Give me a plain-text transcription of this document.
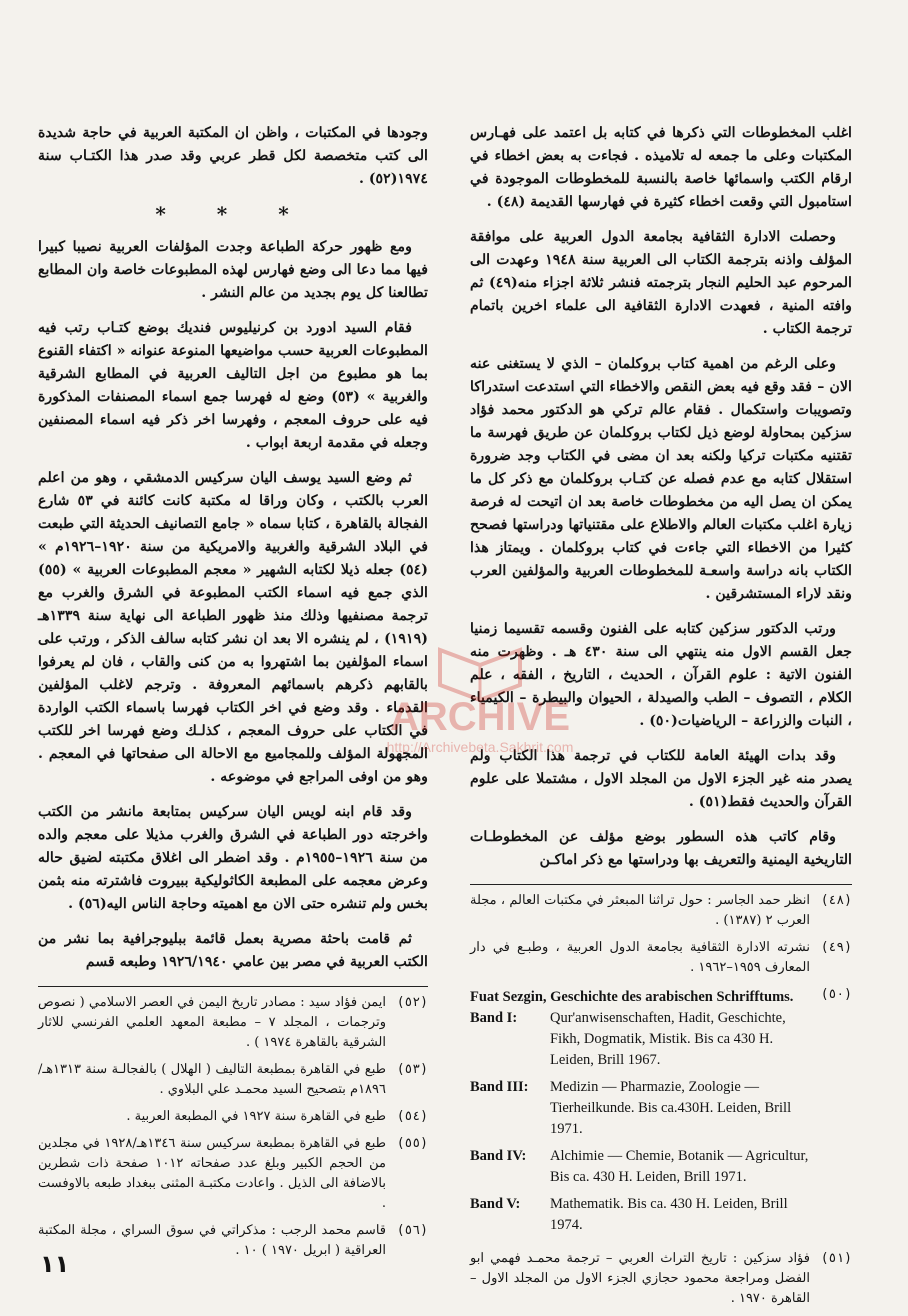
اغلب المخطوطات التي ذكرها في كتابه بل اعتمد على فهـارس المكتبات وعلى ما جمعه له تلاميذه . فجاءت به بعض اخطاء في ارقام الكتب واسمائها خاصة بالنسبة للمخطوطات الموجودة في استامبول التي وقعت اخطاء كثيرة في فهارسها القديمة (٤٨) .

وحصلت الادارة الثقافية بجامعة الدول العربية على موافقة المؤلف واذنه بترجمة الكتاب الى العربية سنة ١٩٤٨ وعهدت الى المرحوم عبد الحليم النجار بترجمته فنشر ثلاثة اجزاء منه(٤٩) ثم وافته المنية ، فعهدت الادارة الثقافية الى علماء اخرين باتمام ترجمة الكتاب .

وعلى الرغم من اهمية كتاب بروكلمان – الذي لا يستغنى عنه الان – فقد وقع فيه بعض النقص والاخطاء التي استدعت استدراكا وتصويبات واستكمال . فقام عالم تركي هو الدكتور محمد فؤاد سزكين بمحاولة لوضع ذيل لكتاب بروكلمان عن طريق فهرسة ما تقتنيه مكتبات تركيا ولكنه بعد ان مضى في الكتاب وجد ضرورة استقلال كتابه مع عدم فصله عن كتـاب بروكلمان مع ذكر كل ما يمكن ان يصل اليه من مخطوطات خاصة بعد ان اتيحت له فرصة زيارة اغلب مكتبات العالم والاطلاع على مقتنياتها ودراستها فصحح كثيرا من الاخطاء التي جاءت في كتاب بروكلمان . ويمتاز هذا الكتاب بانه دراسة واسعـة للمخطوطات العربية والمؤلفين العرب ونقد لاراء المستشرقين .

ورتب الدكتور سزكين كتابه على الفنون وقسمه تقسيما زمنيا جعل القسم الاول منه ينتهي الى سنة ٤٣٠ هـ . وظهرت منه الفنون الاتية : علوم القرآن ، الحديث ، التاريخ ، الفقه ، علم الكلام ، التصوف – الطب والصيدلة ، الحيوان والبيطرة – الكيمياء ، النبات والزراعة – الرياضيات(٥٠) .

وقد بدات الهيئة العامة للكتاب في ترجمة هذا الكتاب ولم يصدر منه غير الجزء الاول من المجلد الاول ، مشتملا على علوم القرآن والحديث فقط(٥١) .

وقام كاتب هذه السطور بوضع مؤلف عن المخطوطـات التاريخية اليمنية والتعريف بها ودراستها مع ذكر اماكـن

(٤٨)
انظر حمد الجاسر : حول تراثنا المبعثر في مكتبات العالم ، مجلة العرب ٢ (١٣٨٧) .
(٤٩)
نشرته الادارة الثقافية بجامعة الدول العربية ، وطبـع في دار المعارف ١٩٥٩–١٩٦٢ .
(٥٠)
Fuat Sezgin, Geschichte des arabischen Schrifftums.
Band I:	Qur'anwisenschaften, Hadit, Geschichte, Fikh, Dogmatik, Mistik. Bis ca 430 H. Leiden, Brill 1967.
Band III:	Medizin — Pharmazie, Zoologie — Tierheilkunde. Bis ca.430H. Leiden, Brill 1971.
Band IV:	Alchimie — Chemie, Botanik — Agricultur, Bis ca. 430 H. Leiden, Brill 1971.
Band V:	Mathematik. Bis ca. 430 H. Leiden, Brill 1974.
(٥١)
فؤاد سزكين : تاريخ التراث العربي – ترجمة محمـد فهمي ابو الفضل ومراجعة محمود حجازي الجزء الاول من المجلد الاول – القاهرة ١٩٧٠ .

وجودها في المكتبات ، واظن ان المكتبة العربية في حاجة شديدة الى كتب متخصصة لكل قطر عربي وقد صدر هذا الكتـاب سنة ١٩٧٤(٥٢) .

* * *

ومع ظهور حركة الطباعة وجدت المؤلفات العربية نصيبا كبيرا فيها مما دعا الى وضع فهارس لهذه المطبوعات خاصة وان المطابع تطالعنا كل يوم بجديد من عالم النشر .

فقام السيد ادورد بن كرنيليوس فنديك بوضع كتـاب رتب فيه المطبوعات العربية حسب مواضيعها المنوعة عنوانه « اكتفاء القنوع بما هو مطبوع من اجل التاليف العربية في المطابع الشرقية والغربية » (٥٣) وضع له فهرسا جمع اسماء المصنفات المذكورة فيه على حروف المعجم ، وفهرسا اخر ذكر فيه اسماء المصنفين وجعله في مقدمة اربعة ابواب .

ثم وضع السيد يوسف اليان سركيس الدمشقي ، وهو من اعلم العرب بالكتب ، وكان وراقا له مكتبة كانت كائنة في ٥٣ شارع الفجالة بالقاهرة ، كتابا سماه « جامع التصانيف الحديثة التي طبعت في البلاد الشرقية والغربية والامريكية من سنة ١٩٢٠–١٩٢٦م » (٥٤) جعله ذيلا لكتابه الشهير « معجم المطبوعات العربية » (٥٥) الذي جمع فيه اسماء الكتب المطبوعة في الشرق والغرب مع ترجمة مصنفيها وذلك منذ ظهور الطباعة الى نهاية سنة ١٣٣٩هـ (١٩١٩) ، لم ينشره الا بعد ان نشر كتابه سالف الذكر ، ورتب على اسماء المؤلفين بما اشتهروا به من كنى والقاب ، فان لم يعرفوا بالقابهم ذكرهم باسمائهم المعروفة . وترجم لاغلب المؤلفين القدماء . وقد وضع في اخر الكتاب فهرسا باسماء الكتب الواردة في الكتاب على حروف المعجم ، كذلـك وضع فهرسا اخر للكتب المجهولة المؤلف وللمجاميع مع الاحالة الى صفحاتها في المعجم . وهو من اوفى المراجع في موضوعه .

وقد قام ابنه لويس اليان سركيس بمتابعة مانشر من الكتب واخرجته دور الطباعة في الشرق والغرب مذيلا على معجم والده من سنة ١٩٢٦–١٩٥٥م . وقد اضطر الى اغلاق مكتبته لضيق حاله وعرض معجمه على المطبعة الكاثوليكية ببيروت فاشترته منه بثمن بخس ولم تنشره حتى الان مع اهميته وحاجة الناس اليه(٥٦) .

ثم قامت باحثة مصرية بعمل قائمة ببليوجرافية بما نشر من الكتب العربية في مصر بين عامي ١٩٢٦/١٩٤٠ وطبعه قسم

(٥٢)
ايمن فؤاد سيد : مصادر تاريخ اليمن في العصر الاسلامي ( نصوص وترجمات ، المجلد ٧ – مطبعة المعهد العلمي الفرنسي للاثار الشرقية بالقاهرة ١٩٧٤ ) .
(٥٣)
طبع في القاهرة بمطبعة التاليف ( الهلال ) بالفجالـة سنة ١٣١٣هـ/١٨٩٦م بتصحيح السيد محمـد علي البلاوي .
(٥٤)
طبع في القاهرة سنة ١٩٢٧ في المطبعة العربية .
(٥٥)
طبع في القاهرة بمطبعة سركيس سنة ١٣٤٦هـ/١٩٢٨ في مجلدين من الحجم الكبير وبلغ عدد صفحاته ١٠١٢ صفحة ذات شطرين بالاضافة الى الذيل . واعادت مكتبـة المثنى ببغداد طبعه بالاوفست .
(٥٦)
قاسم محمد الرجب : مذكراتي في سوق السراي ، مجلة المكتبة العراقية ( ابريل ١٩٧٠ ) ١٠ .
ARCHIVE
http://Archivebeta.Sakhrit.com
١١
